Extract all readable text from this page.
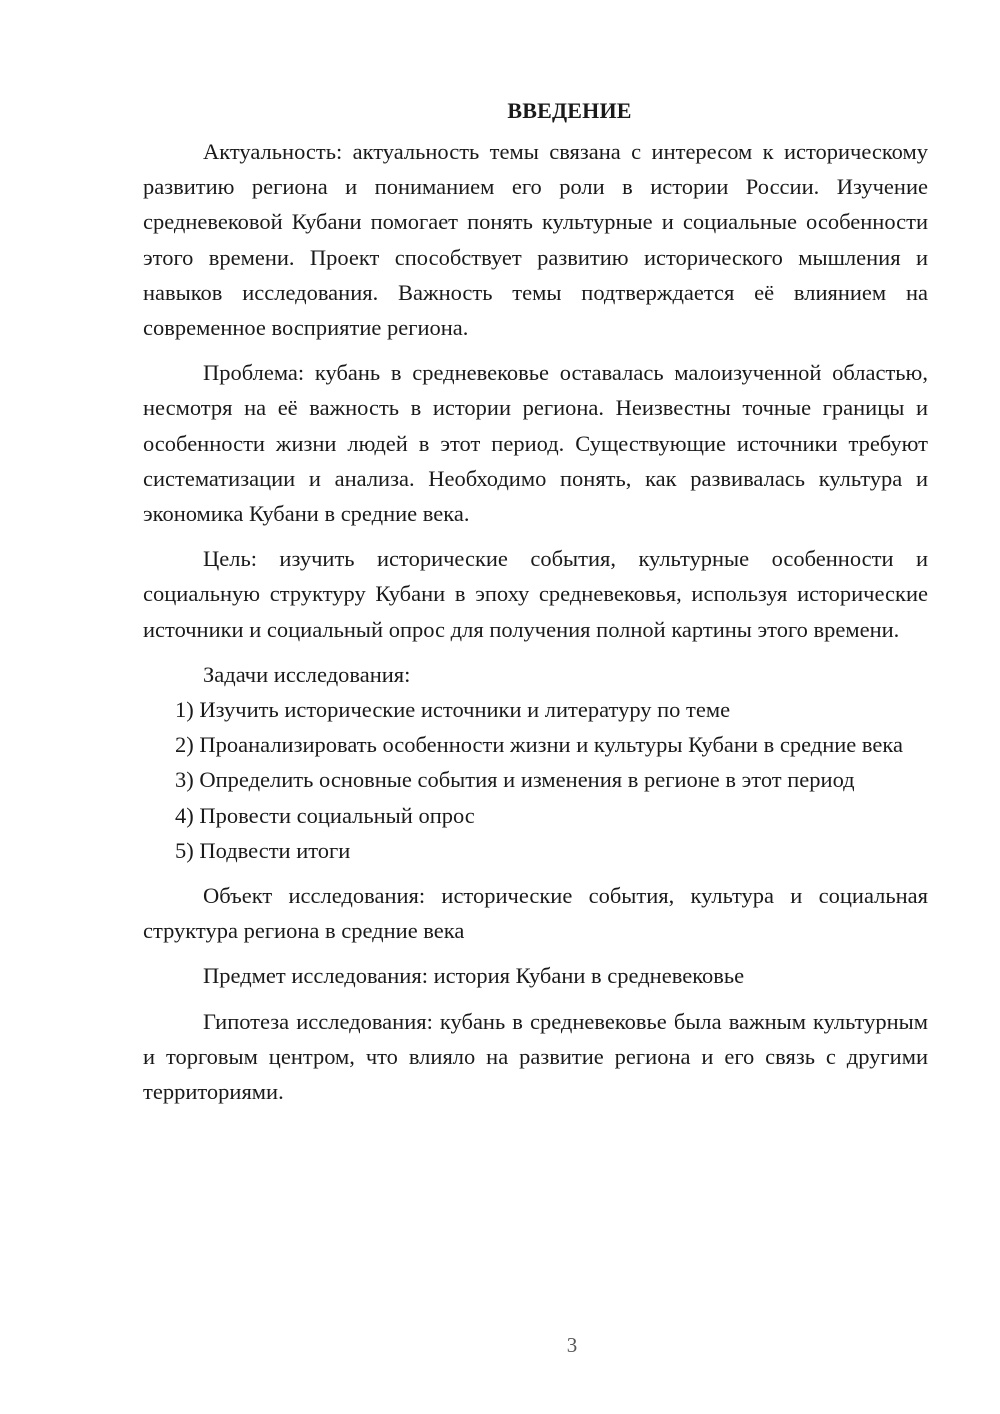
ВВЕДЕНИЕ

Актуальность: актуальность темы связана с интересом к историческому развитию региона и пониманием его роли в истории России. Изучение средневековой Кубани помогает понять культурные и социальные особенности этого времени. Проект способствует развитию исторического мышления и навыков исследования. Важность темы подтверждается её влиянием на современное восприятие региона.

Проблема: кубань в средневековье оставалась малоизученной областью, несмотря на её важность в истории региона. Неизвестны точные границы и особенности жизни людей в этот период. Существующие источники требуют систематизации и анализа. Необходимо понять, как развивалась культура и экономика Кубани в средние века.

Цель: изучить исторические события, культурные особенности и социальную структуру Кубани в эпоху средневековья, используя исторические источники и социальный опрос для получения полной картины этого времени.

Задачи исследования:

1) Изучить исторические источники и литературу по теме

2) Проанализировать особенности жизни и культуры Кубани в средние века

3) Определить основные события и изменения в регионе в этот период

4) Провести социальный опрос

5) Подвести итоги

Объект исследования: исторические события, культура и социальная структура региона в средние века

Предмет исследования: история Кубани в средневековье

Гипотеза исследования: кубань в средневековье была важным культурным и торговым центром, что влияло на развитие региона и его связь с другими территориями.

3
